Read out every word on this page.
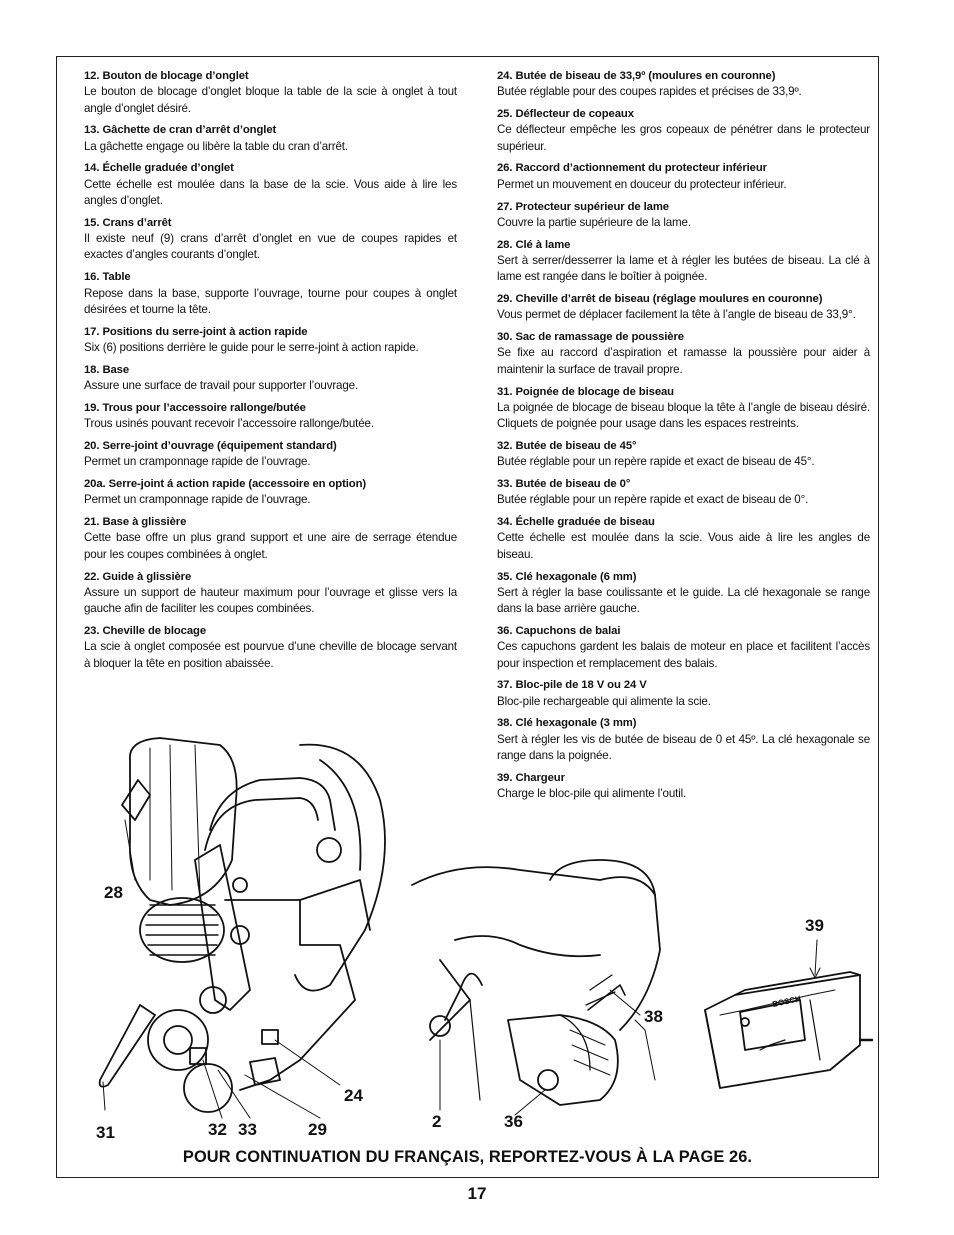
12. Bouton de blocage d’onglet
Le bouton de blocage d’onglet bloque la table de la scie à onglet à tout angle d’onglet désiré.
13. Gâchette de cran d’arrêt d’onglet
La gâchette engage ou libère la table du cran d’arrêt.
14. Échelle graduée d’onglet
Cette échelle est moulée dans la base de la scie. Vous aide à lire les angles d’onglet.
15. Crans d’arrêt
Il existe neuf (9) crans d’arrêt d’onglet en vue de coupes rapides et exactes d’angles courants d’onglet.
16. Table
Repose dans la base, supporte l’ouvrage, tourne pour coupes à onglet désirées et tourne la tête.
17. Positions du serre-joint à action rapide
Six (6) positions derrière le guide pour le serre-joint à action rapide.
18. Base
Assure une surface de travail pour supporter l’ouvrage.
19. Trous pour l’accessoire rallonge/butée
Trous usinés pouvant recevoir l’accessoire rallonge/butée.
20. Serre-joint d’ouvrage (équipement standard)
Permet un cramponnage rapide de l’ouvrage.
20a. Serre-joint á action rapide (accessoire en option)
Permet un cramponnage rapide de l’ouvrage.
21. Base à glissière
Cette base offre un plus grand support et une aire de serrage étendue pour les coupes combinées à onglet.
22. Guide à glissière
Assure un support de hauteur maximum pour l’ouvrage et glisse vers la gauche afin de faciliter les coupes combinées.
23. Cheville de blocage
La scie à onglet composée est pourvue d’une cheville de blocage servant à bloquer la tête en position abaissée.
24. Butée de biseau de 33,9º (moulures en couronne)
Butée réglable pour des coupes rapides et précises de 33,9º.
25. Déflecteur de copeaux
Ce déflecteur empêche les gros copeaux de pénétrer dans le protecteur supérieur.
26. Raccord d’actionnement du protecteur inférieur
Permet un mouvement en douceur du protecteur inférieur.
27. Protecteur supérieur de lame
Couvre la partie supérieure de la lame.
28. Clé à lame
Sert à serrer/desserrer la lame et à régler les butées de biseau. La clé à lame est rangée dans le boîtier à poignée.
29. Cheville d’arrêt de biseau (réglage moulures en couronne)
Vous permet de déplacer facilement la tête à l’angle de biseau de 33,9°.
30. Sac de ramassage de poussière
Se fixe au raccord d’aspiration et ramasse la poussière pour aider à maintenir la surface de travail propre.
31. Poignée de blocage de biseau
La poignée de blocage de biseau bloque la tête à l’angle de biseau désiré. Cliquets de poignée pour usage dans les espaces restreints.
32. Butée de biseau de 45°
Butée réglable pour un repère rapide et exact de biseau de 45°.
33. Butée de biseau de 0°
Butée réglable pour un repère rapide et exact de biseau de 0°.
34. Échelle graduée de biseau
Cette échelle est moulée dans la scie. Vous aide à lire les angles de biseau.
35. Clé hexagonale (6 mm)
Sert à régler la base coulissante et le guide. La clé hexagonale se range dans la base arrière gauche.
36. Capuchons de balai
Ces capuchons gardent les balais de moteur en place et facilitent l’accès pour inspection et remplacement des balais.
37. Bloc-pile de 18 V ou 24 V
Bloc-pile rechargeable qui alimente la scie.
38. Clé hexagonale (3 mm)
Sert à régler les vis de butée de biseau de 0 et 45º. La clé hexagonale se range dans la poignée.
39. Chargeur
Charge le bloc-pile qui alimente l’outil.
BOSCH
28
31	32 33	29
24
2	36
38
39
POUR CONTINUATION DU FRANÇAIS, REPORTEZ-VOUS À LA PAGE 26.
17
